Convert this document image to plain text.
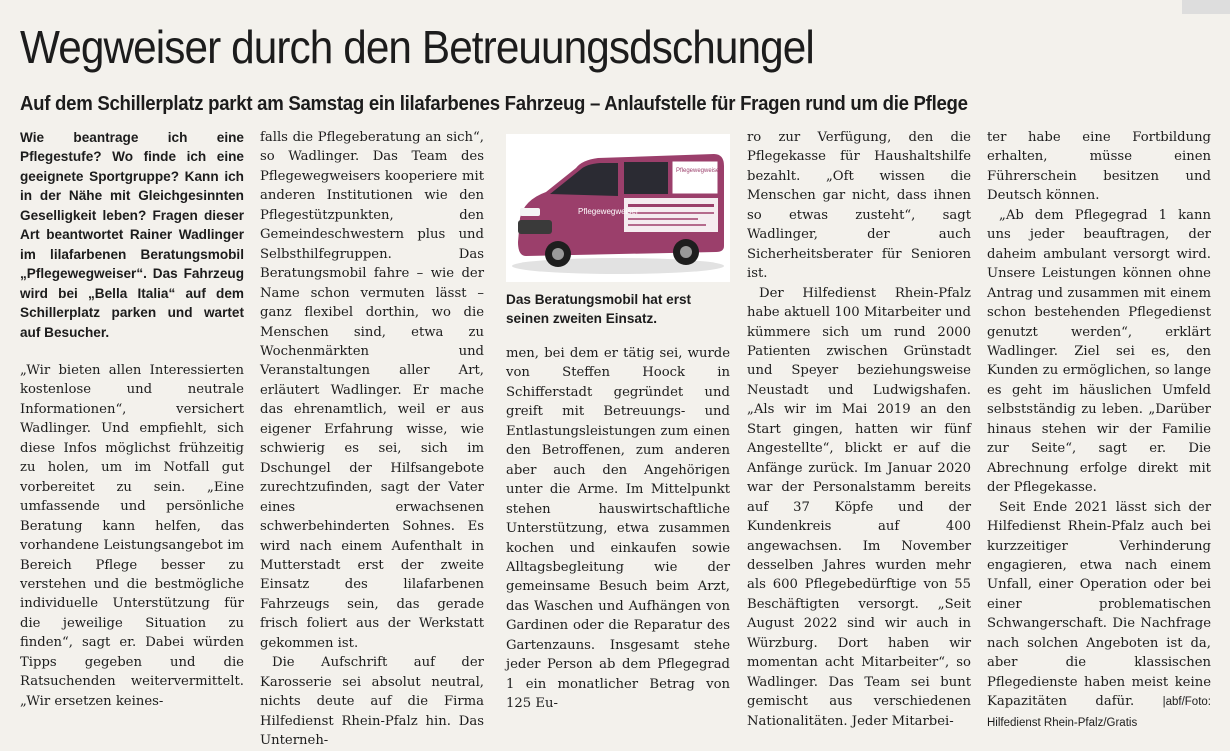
Wegweiser durch den Betreuungsdschungel
Auf dem Schillerplatz parkt am Samstag ein lilafarbenes Fahrzeug – Anlaufstelle für Fragen rund um die Pflege

Wie beantrage ich eine Pflegestufe? Wo finde ich eine geeignete Sportgruppe? Kann ich in der Nähe mit Gleichgesinnten Geselligkeit leben? Fragen dieser Art beantwortet Rainer Wadlinger im lilafarbenen Beratungsmobil „Pflegewegweiser“. Das Fahrzeug wird bei „Bella Italia“ auf dem Schillerplatz parken und wartet auf Besucher.

„Wir bieten allen Interessierten kostenlose und neutrale Informationen“, versichert Wadlinger. Und empfiehlt, sich diese Infos möglichst frühzeitig zu holen, um im Notfall gut vorbereitet zu sein. „Eine umfassende und persönliche Beratung kann helfen, das vorhandene Leistungsangebot im Bereich Pflege besser zu verstehen und die bestmögliche individuelle Unterstützung für die jeweilige Situation zu finden“, sagt er. Dabei würden Tipps gegeben und die Ratsuchenden weitervermittelt. „Wir ersetzen keines-

falls die Pflegeberatung an sich“, so Wadlinger. Das Team des Pflegewegweisers kooperiere mit anderen Institutionen wie den Pflegestützpunkten, den Gemeindeschwestern plus und Selbsthilfegruppen. Das Beratungsmobil fahre – wie der Name schon vermuten lässt – ganz flexibel dorthin, wo die Menschen sind, etwa zu Wochenmärkten und Veranstaltungen aller Art, erläutert Wadlinger. Er mache das ehrenamtlich, weil er aus eigener Erfahrung wisse, wie schwierig es sei, sich im Dschungel der Hilfsangebote zurechtzufinden, sagt der Vater eines erwachsenen schwerbehinderten Sohnes. Es wird nach einem Aufenthalt in Mutterstadt erst der zweite Einsatz des lilafarbenen Fahrzeugs sein, das gerade frisch foliert aus der Werkstatt gekommen ist.

Die Aufschrift auf der Karosserie sei absolut neutral, nichts deute auf die Firma Hilfedienst Rhein-Pfalz hin. Das Unterneh-

Pflegewegweiser
Pflegewegweiser

Das Beratungsmobil hat erst seinen zweiten Einsatz.

men, bei dem er tätig sei, wurde von Steffen Hoock in Schifferstadt gegründet und greift mit Betreuungs- und Entlastungsleistungen zum einen den Betroffenen, zum anderen aber auch den Angehörigen unter die Arme. Im Mittelpunkt stehen hauswirtschaftliche Unterstützung, etwa zusammen kochen und einkaufen sowie Alltagsbegleitung wie der gemeinsame Besuch beim Arzt, das Waschen und Aufhängen von Gardinen oder die Reparatur des Gartenzauns. Insgesamt stehe jeder Person ab dem Pflegegrad 1 ein monatlicher Betrag von 125 Eu-

ro zur Verfügung, den die Pflegekasse für Haushaltshilfe bezahlt. „Oft wissen die Menschen gar nicht, dass ihnen so etwas zusteht“, sagt Wadlinger, der auch Sicherheitsberater für Senioren ist.

Der Hilfedienst Rhein-Pfalz habe aktuell 100 Mitarbeiter und kümmere sich um rund 2000 Patienten zwischen Grünstadt und Speyer beziehungsweise Neustadt und Ludwigshafen. „Als wir im Mai 2019 an den Start gingen, hatten wir fünf Angestellte“, blickt er auf die Anfänge zurück. Im Januar 2020 war der Personalstamm bereits auf 37 Köpfe und der Kundenkreis auf 400 angewachsen. Im November desselben Jahres wurden mehr als 600 Pflegebedürftige von 55 Beschäftigten versorgt. „Seit August 2022 sind wir auch in Würzburg. Dort haben wir momentan acht Mitarbeiter“, so Wadlinger. Das Team sei bunt gemischt aus verschiedenen Nationalitäten. Jeder Mitarbei-

ter habe eine Fortbildung erhalten, müsse einen Führerschein besitzen und Deutsch können.

„Ab dem Pflegegrad 1 kann uns jeder beauftragen, der daheim ambulant versorgt wird. Unsere Leistungen können ohne Antrag und zusammen mit einem schon bestehenden Pflegedienst genutzt werden“, erklärt Wadlinger. Ziel sei es, den Kunden zu ermöglichen, so lange es geht im häuslichen Umfeld selbstständig zu leben. „Darüber hinaus stehen wir der Familie zur Seite“, sagt er. Die Abrechnung erfolge direkt mit der Pflegekasse.

Seit Ende 2021 lässt sich der Hilfedienst Rhein-Pfalz auch bei kurzzeitiger Verhinderung engagieren, etwa nach einem Unfall, einer Operation oder bei einer problematischen Schwangerschaft. Die Nachfrage nach solchen Angeboten ist da, aber die klassischen Pflegedienste haben meist keine Kapazitäten dafür. |abf/Foto: Hilfedienst Rhein-Pfalz/Gratis
